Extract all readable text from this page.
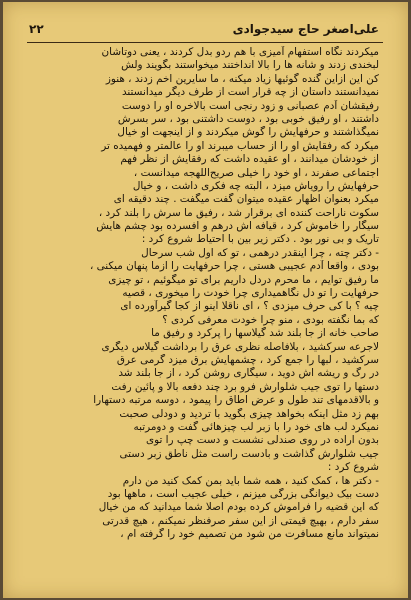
علی‌اصغر حاج سیدجوادی
۲۲
میکردند نگاه استفهام آمیزی با هم ردو بدل کردند ، یعنی دوتاشان
لبخندی زدند و شانه ها را بالا انداختند میخواستند بگویند ولش
کن این ازاین گنده گوئیها زیاد میکنه ، ما سایرین اخم زدند ، هنوز
نمیدانستند داستان از چه قرار است از طرف دیگر میدانستند
رفیقشان آدم عصبانی و زود رنجی است بالاخره او را دوست
داشتند ، او رفیق خوبی بود ، دوست داشتنی بود ، سر بسرش
نمیگذاشتند و حرفهایش را گوش میکردند و از اینجهت او خیال
میکرد که رفقایش او را از حساب میبرند او را عالمتر و فهمیده تر
از خودشان میدانند ، او عقیده داشت که رفقایش از نظر فهم
اجتماعی صفرند ، او خود را خیلی صریح‌اللهجه میدانست ،
حرفهایش را رویاش میزد ، البته چه فکری داشت ، و خیال
میکرد بعنوان اظهار عقیده میتوان گفت میگفت . چند دقیقه ای
سکوت ناراحت کننده ای برقرار شد ، رفیق ما سرش را بلند کرد ،
سیگار را خاموش کرد ، قیافه اش درهم و افسرده بود چشم هایش
تاریک و بی نور بود . دکتر زیر بین با احتیاط شروع کرد :
- دکتر چته ، چرا اینقدر درهمی ، تو که اول شب سرحال
بودی ، واقعا آدم عجیبی هستی ، چرا حرفهایت را ازما پنهان میکنی ،
ما رفیق توایم ، ما محرم دردل داریم برای تو میگوئیم ، تو چیزی
حرفهایت را تو دل نگاهمیداری چرا خودت را میخوری ، قصیه
چیه ؟ با کی حرف میزدی ؟ ، ای ناقلا اینو از کجا گیرآورده ای
که بما نگفته بودی ، منو چرا خودت معرفی کردی ؟
صاحب خانه از جا بلند شد گیلاسها را پرکرد و رفیق ما
لاجرعه سرکشید ، بلافاصله نظری عرق را برداشت گیلاس دیگری
سرکشید ، لبها را جمع کرد ، چشمهایش برق میزد گرمی عرق
در رگ و ریشه اش دوید ، سیگاری روشن کرد ، از جا بلند شد
دستها را توی جیب شلوارش فرو برد چند دفعه بالا و پائین رفت
و بالاقدمهای تند طول و عرض اطاق را پیمود ، دوسه مرتبه دستهارا
بهم زد مثل اینکه بخواهد چیزی بگوید با تردید و دودلی صحبت
نمیکرد لب های خود را با زبر لب چیزهائی گفت و دومرتبه
بدون اراده در روی صندلی نشست و دست چپ را توی
جیب شلوارش گذاشت و بادست راست مثل ناطق زبر دستی
شروع کرد :
- دکتر ها ، کمک کنید ، همه شما باید بمن کمک کنید من دارم
دست بیک دیوانگی بزرگی میزنم ، خیلی عجیب است ، ماهها بود
که این قضیه را فراموش کرده بودم اصلا شما میدانید که من خیال
سفر دارم ، بهیچ قیمتی از این سفر صرفنظر نمیکنم ، هیچ قدرتی
نمیتواند مانع مسافرت من شود من تصمیم خود را گرفته ام ،
